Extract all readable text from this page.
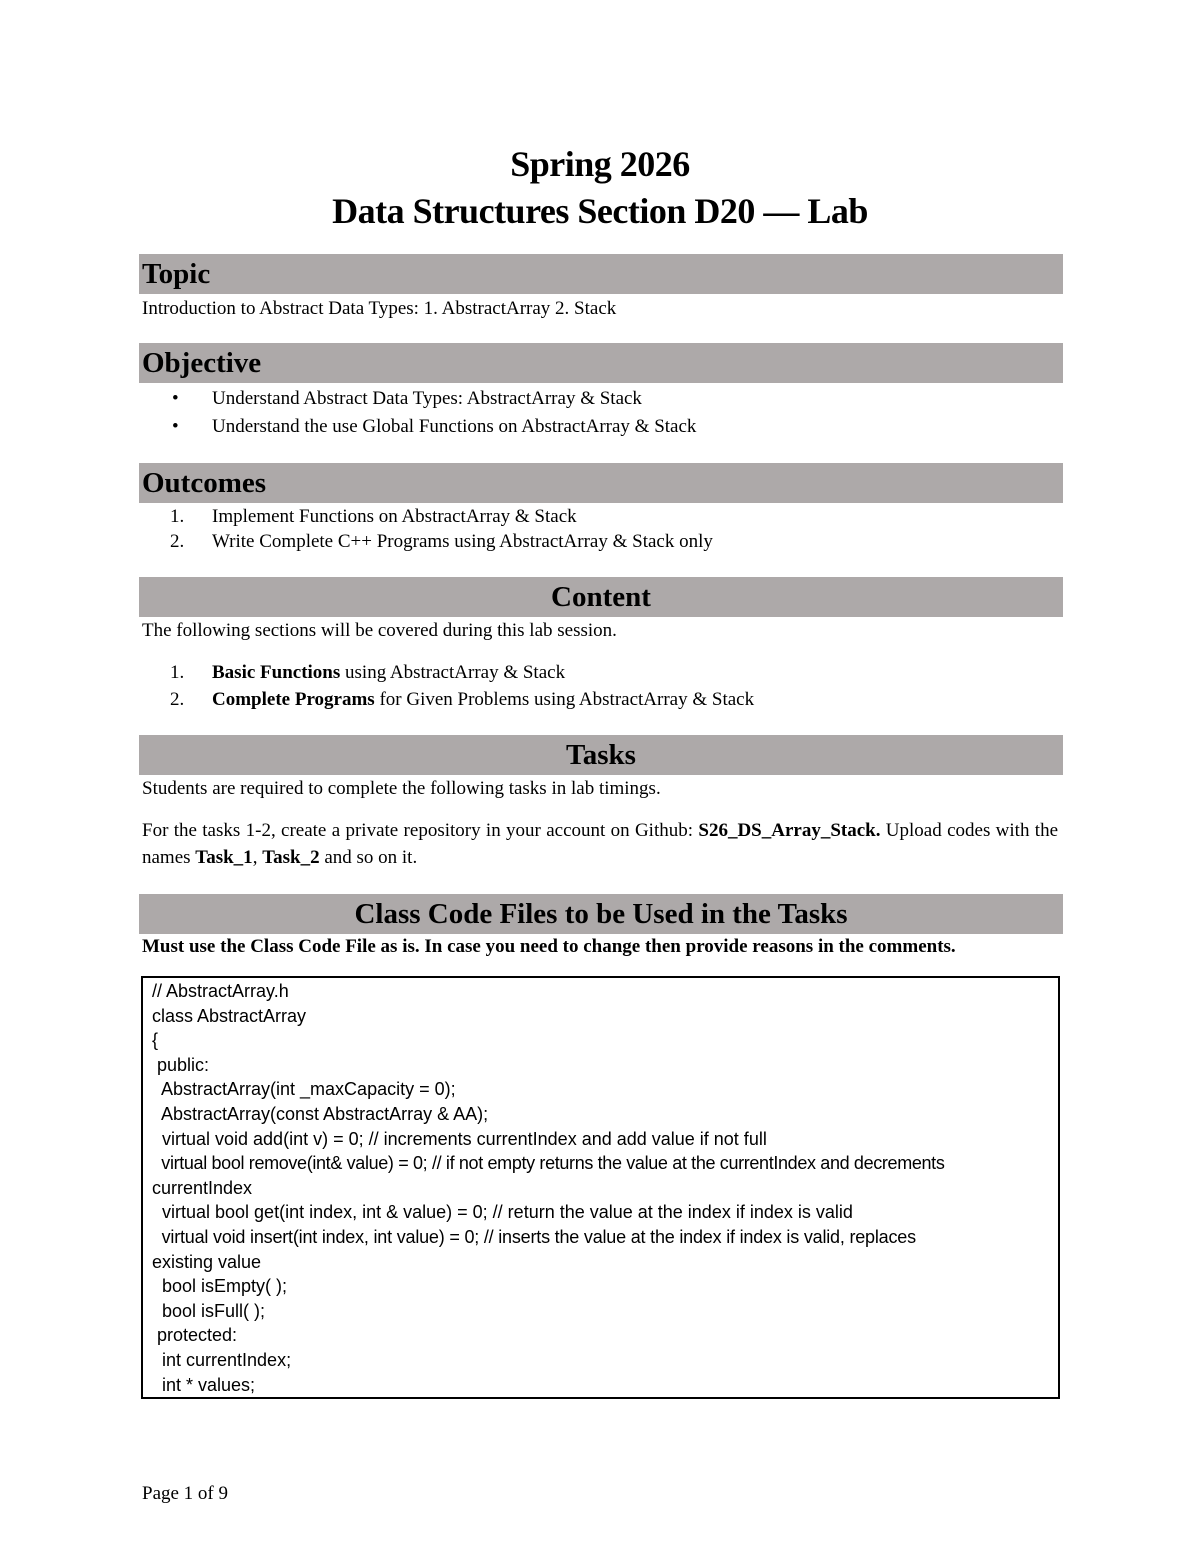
Spring 2026
Data Structures Section D20 — Lab
Topic
Introduction to Abstract Data Types: 1. AbstractArray 2. Stack
Objective
• Understand Abstract Data Types: AbstractArray & Stack
• Understand the use Global Functions on AbstractArray & Stack
Outcomes
1.	Implement Functions on AbstractArray & Stack
2.	Write Complete C++ Programs using AbstractArray & Stack only
Content
The following sections will be covered during this lab session.
1.	Basic Functions using AbstractArray & Stack
2.	Complete Programs for Given Problems using AbstractArray & Stack
Tasks
Students are required to complete the following tasks in lab timings.
For the tasks 1-2, create a private repository in your account on Github: S26_DS_Array_Stack. Upload codes with the names Task_1, Task_2 and so on it.
Class Code Files to be Used in the Tasks
Must use the Class Code File as is. In case you need to change then provide reasons in the comments.
// AbstractArray.h
class AbstractArray
{
public:
AbstractArray(int _maxCapacity = 0);
AbstractArray(const AbstractArray & AA);
virtual void add(int v) = 0; // increments currentIndex and add value if not full
virtual bool remove(int& value) = 0; // if not empty returns the value at the currentIndex and decrements
currentIndex
virtual bool get(int index, int & value) = 0; // return the value at the index if index is valid
virtual void insert(int index, int value) = 0; // inserts the value at the index if index is valid, replaces
existing value
bool isEmpty( );
bool isFull( );
protected:
int currentIndex;
int * values;
Page 1 of 9
